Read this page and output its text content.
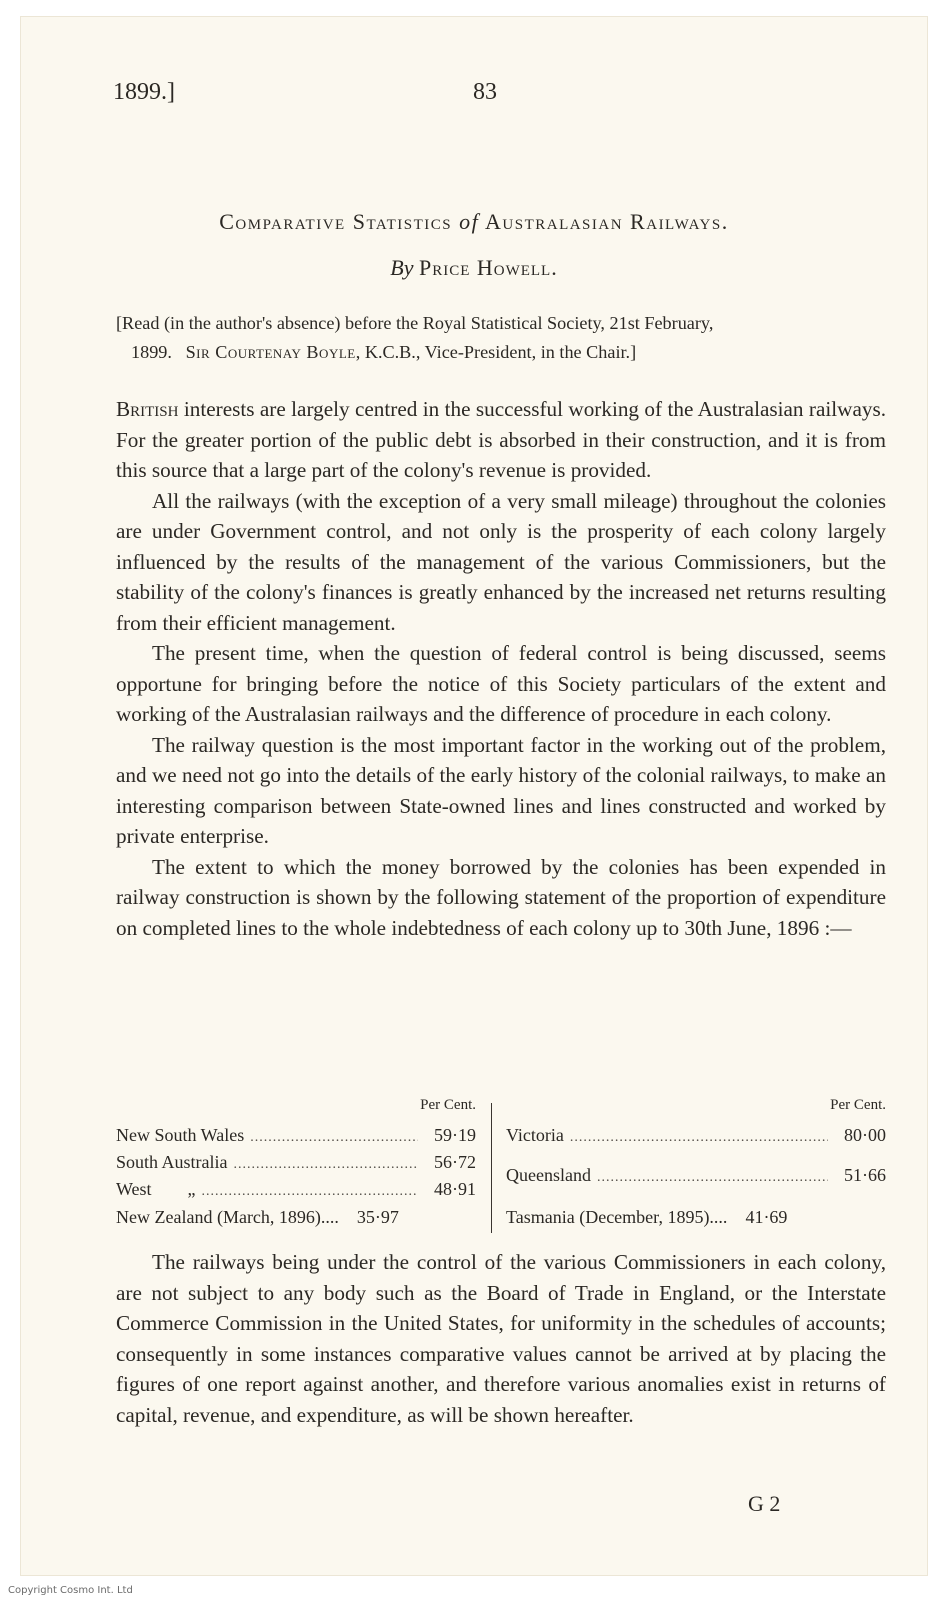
1899.]	83
Comparative Statistics of Australasian Railways.
By Price Howell.

[Read (in the author's absence) before the Royal Statistical Society, 21st February,

1899. Sir Courtenay Boyle, K.C.B., Vice-President, in the Chair.]

British interests are largely centred in the successful working of the Australasian railways. For the greater portion of the public debt is absorbed in their construction, and it is from this source that a large part of the colony's revenue is provided.

All the railways (with the exception of a very small mileage) throughout the colonies are under Government control, and not only is the prosperity of each colony largely influenced by the results of the management of the various Commissioners, but the stability of the colony's finances is greatly enhanced by the increased net returns resulting from their efficient management.

The present time, when the question of federal control is being discussed, seems opportune for bringing before the notice of this Society particulars of the extent and working of the Australasian railways and the difference of procedure in each colony.

The railway question is the most important factor in the working out of the problem, and we need not go into the details of the early history of the colonial railways, to make an interesting comparison between State-owned lines and lines constructed and worked by private enterprise.

The extent to which the money borrowed by the colonies has been expended in railway construction is shown by the following statement of the proportion of expenditure on completed lines to the whole indebtedness of each colony up to 30th June, 1896 :—

Per Cent.
New South Wales .....	59·19
South Australia .....	56·72
West        „ .....	48·91
New Zealand (March, 1896)....	35·97
Per Cent.
Victoria .....	80·00
Queensland .....	51·66
Tasmania (December, 1895)....	41·69

The railways being under the control of the various Commissioners in each colony, are not subject to any body such as the Board of Trade in England, or the Interstate Commerce Commission in the United States, for uniformity in the schedules of accounts; consequently in some instances comparative values cannot be arrived at by placing the figures of one report against another, and therefore various anomalies exist in returns of capital, revenue, and expenditure, as will be shown hereafter.

G 2
Copyright Cosmo Int. Ltd
